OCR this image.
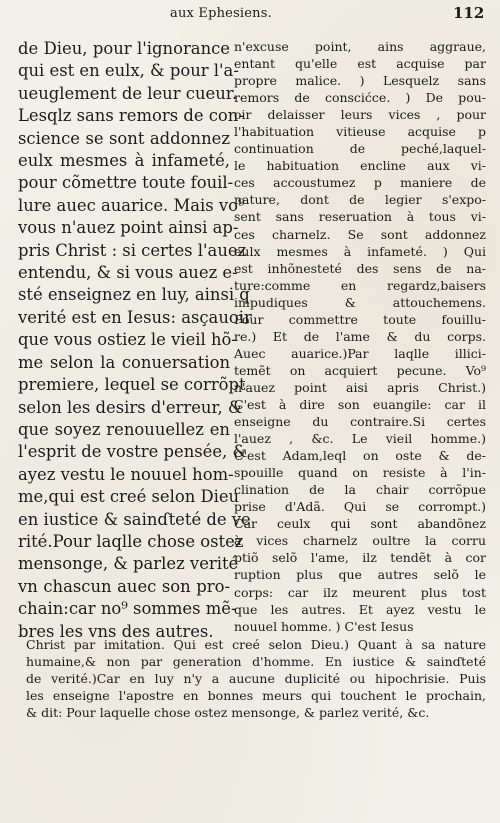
aux Ephesiens.	112
de Dieu, pour l'ignorance
qui est en eulx, & pour l'a-
ueuglement de leur cueur.
Lesqlz sans remors de con-
science se sont addonnez
eulx mesmes à infameté,
pour cõmettre toute fouil-
lure auec auarice. Mais vo⁹
vous n'auez point ainsi ap-
pris Christ : si certes l'auez
entendu, & si vous auez e-
sté enseignez en luy, ainsi q
verité est en Iesus: asçauoir
que vous ostiez le vieil hõ-
me selon la conuersation
premiere, lequel se corrõpt
selon les desirs d'erreur, &
que soyez renouuellez en
l'esprit de vostre pensée, &
ayez vestu le nouuel hom-
me,qui est creé selon Dieu
en iustice & sainɗteté de ve
rité.Pour laqlle chose ostez
mensonge, & parlez verité
vn chascun auec son pro-
chain:car no⁹ sommes mẽ-
bres les vns des autres.
n'excuse point, ains aggraue,
entant qu'elle est acquise par
propre malice. ) Lesquelz sans
remors de conscićce. ) De pou-
oir delaisser leurs vices , pour
l'habituation vitieuse acquise p
continuation de peché,laquel-
le habituation encline aux vi-
ces accoustumez p maniere de
nature, dont de legier s'expo-
sent sans reseruation à tous vi-
ces charnelz. Se sont addonnez
eulx mesmes à infameté. ) Qui
est inhõnesteté des sens de na-
ture:comme en regardz,baisers
impudiques & attouchemens.
Pour commettre toute fouillu-
re.) Et de l'ame & du corps.
Auec auarice.)Par laqlle illici-
temẽt on acquiert pecune. Vo⁹
n'auez point aisi apris Christ.)
C'est à dire son euangile: car il
enseigne du contraire.Si certes
l'auez , &c. Le vieil homme.)
C'est Adam,leql on oste & de-
spouille quand on resiste à l'in-
clination de la chair corrõpue
prise d'Adã. Qui se corrompt.)
Car ceulx qui sont abandõnez
à vices charnelz oultre la corru
ptiõ selõ l'ame, ilz tendẽt à cor
ruption plus que autres selõ le
corps: car ilz meurent plus tost
que les autres. Et ayez vestu le
nouuel homme. ) C'est Iesus
Christ par imitation. Qui est creé selon Dieu.) Quant à sa nature
humaine,& non par generation d'homme. En iustice & sainɗteté
de verité.)Car en luy n'y a aucune duplicité ou hipochrisie. Puis
les enseigne l'apostre en bonnes meurs qui touchent le prochain,
& dit: Pour laquelle chose ostez mensonge, & parlez verité, &c.
